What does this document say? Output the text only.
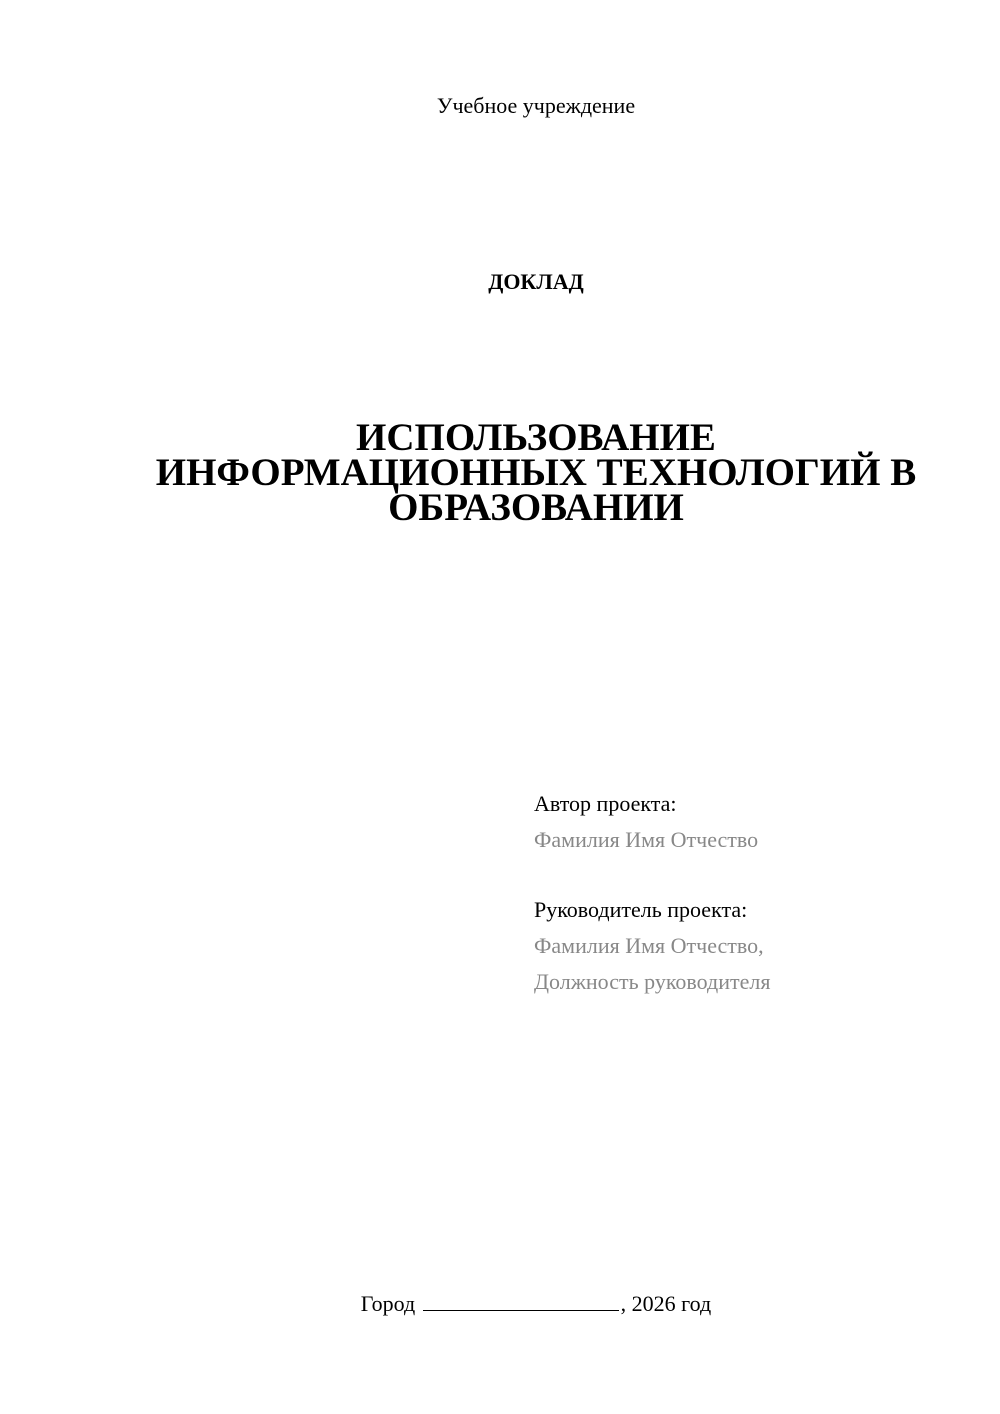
Учебное учреждение
ДОКЛАД
ИСПОЛЬЗОВАНИЕ
ИНФОРМАЦИОННЫХ ТЕХНОЛОГИЙ В
ОБРАЗОВАНИИ
Автор проекта:
Фамилия Имя Отчество
Руководитель проекта:
Фамилия Имя Отчество,
Должность руководителя
Город	, 2026 год
